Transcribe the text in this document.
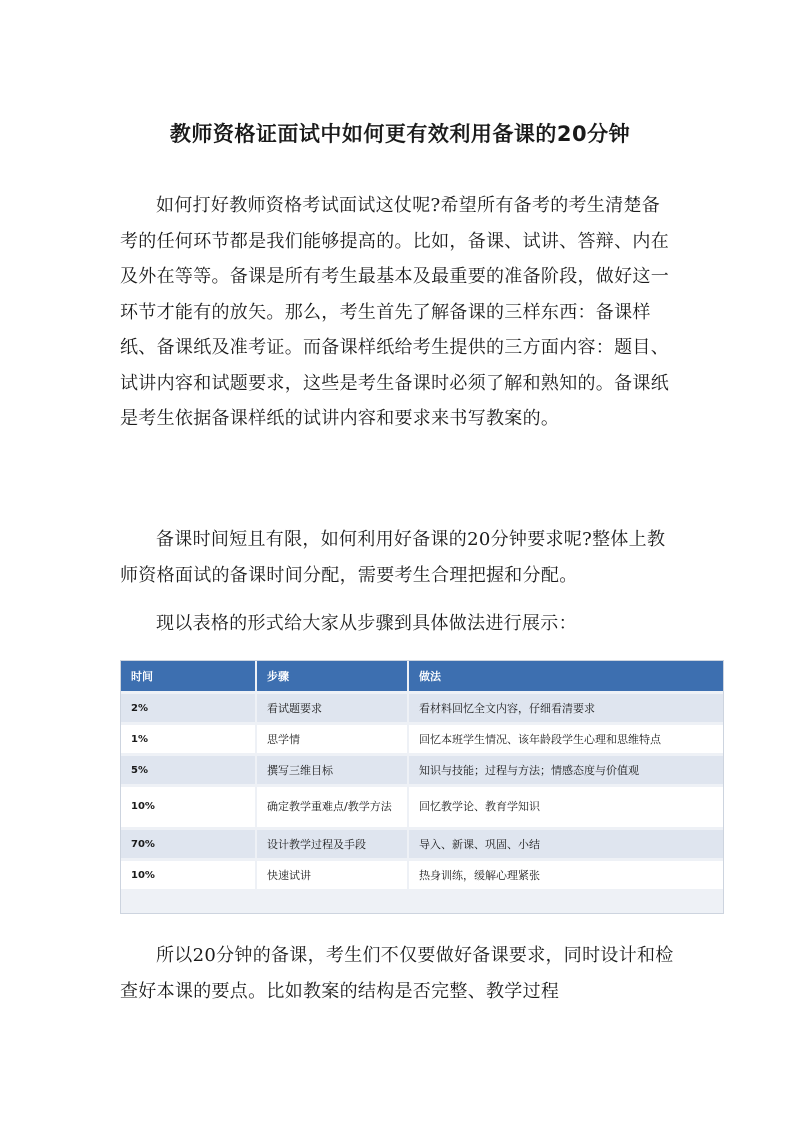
教师资格证面试中如何更有效利用备课的20分钟

如何打好教师资格考试面试这仗呢?希望所有备考的考生清楚备考的任何环节都是我们能够提高的。比如，备课、试讲、答辩、内在及外在等等。备课是所有考生最基本及最重要的准备阶段，做好这一环节才能有的放矢。那么，考生首先了解备课的三样东西：备课样纸、备课纸及准考证。而备课样纸给考生提供的三方面内容：题目、试讲内容和试题要求，这些是考生备课时必须了解和熟知的。备课纸是考生依据备课样纸的试讲内容和要求来书写教案的。

备课时间短且有限，如何利用好备课的20分钟要求呢?整体上教师资格面试的备课时间分配，需要考生合理把握和分配。

现以表格的形式给大家从步骤到具体做法进行展示：

时间	步骤	做法
2%	看试题要求	看材料回忆全文内容，仔细看清要求
1%	思学情	回忆本班学生情况、该年龄段学生心理和思维特点
5%	撰写三维目标	知识与技能；过程与方法；情感态度与价值观
10%	确定教学重难点/教学方法	回忆教学论、教育学知识
70%	设计教学过程及手段	导入、新课、巩固、小结
10%	快速试讲	热身训练，缓解心理紧张

所以20分钟的备课，考生们不仅要做好备课要求，同时设计和检查好本课的要点。比如教案的结构是否完整、教学过程
